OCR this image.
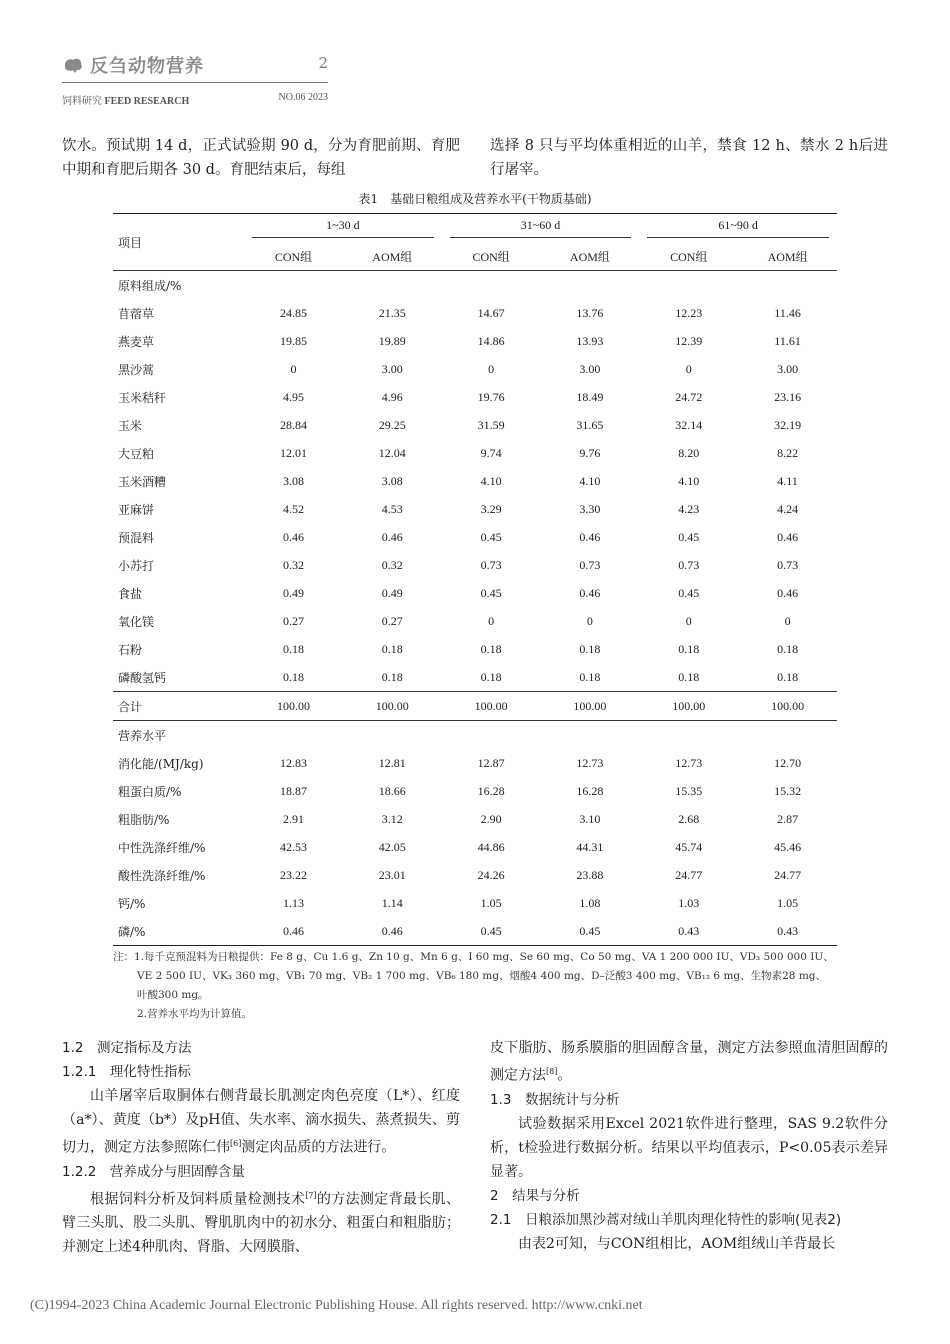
反刍动物营养	2
饲料研究 FEED RESEARCH	NO.06 2023
饮水。预试期 14 d，正式试验期 90 d，分为育肥前期、育肥中期和育肥后期各 30 d。育肥结束后，每组
选择 8 只与平均体重相近的山羊，禁食 12 h、禁水 2 h后进行屠宰。
表1　基础日粮组成及营养水平(干物质基础)
项目	1~30 d		31~60 d		61~90 d	

	CON组	AOM组	CON组	AOM组	CON组	AOM组
原料组成/%						
苜蓿草	24.85	21.35	14.67	13.76	12.23	11.46
燕麦草	19.85	19.89	14.86	13.93	12.39	11.61
黑沙蒿	0	3.00	0	3.00	0	3.00
玉米秸秆	4.95	4.96	19.76	18.49	24.72	23.16
玉米	28.84	29.25	31.59	31.65	32.14	32.19
大豆粕	12.01	12.04	9.74	9.76	8.20	8.22
玉米酒糟	3.08	3.08	4.10	4.10	4.10	4.11
亚麻饼	4.52	4.53	3.29	3.30	4.23	4.24
预混料	0.46	0.46	0.45	0.46	0.45	0.46
小苏打	0.32	0.32	0.73	0.73	0.73	0.73
食盐	0.49	0.49	0.45	0.46	0.45	0.46
氧化镁	0.27	0.27	0	0	0	0
石粉	0.18	0.18	0.18	0.18	0.18	0.18
磷酸氢钙	0.18	0.18	0.18	0.18	0.18	0.18
合计	100.00	100.00	100.00	100.00	100.00	100.00
营养水平						
消化能/(MJ/kg)	12.83	12.81	12.87	12.73	12.73	12.70
粗蛋白质/%	18.87	18.66	16.28	16.28	15.35	15.32
粗脂肪/%	2.91	3.12	2.90	3.10	2.68	2.87
中性洗涤纤维/%	42.53	42.05	44.86	44.31	45.74	45.46
酸性洗涤纤维/%	23.22	23.01	24.26	23.88	24.77	24.77
钙/%	1.13	1.14	1.05	1.08	1.03	1.05
磷/%	0.46	0.46	0.45	0.45	0.43	0.43

注：1.每千克预混料为日粮提供：Fe 8 g、Cu 1.6 g、Zn 10 g、Mn 6 g、I 60 mg、Se 60 mg、Co 50 mg、VA 1 200 000 IU、VD₃ 500 000 IU、

VE 2 500 IU、VK₃ 360 mg、VB₁ 70 mg、VB₂ 1 700 mg、VB₆ 180 mg、烟酸4 400 mg、D–泛酸3 400 mg、VB₁₂ 6 mg、生物素28 mg、

叶酸300 mg。

2.营养水平均为计算值。

1.2　测定指标及方法

1.2.1　理化特性指标

山羊屠宰后取胴体右侧背最长肌测定肉色亮度（L*）、红度（a*）、黄度（b*）及pH值、失水率、滴水损失、蒸煮损失、剪切力，测定方法参照陈仁伟[6]测定肉品质的方法进行。

1.2.2　营养成分与胆固醇含量

根据饲料分析及饲料质量检测技术[7]的方法测定背最长肌、臂三头肌、股二头肌、臀肌肌肉中的初水分、粗蛋白和粗脂肪；并测定上述4种肌肉、肾脂、大网膜脂、

皮下脂肪、肠系膜脂的胆固醇含量，测定方法参照血清胆固醇的测定方法[8]。

1.3　数据统计与分析

试验数据采用Excel 2021软件进行整理，SAS 9.2软件分析，t检验进行数据分析。结果以平均值表示，P<0.05表示差异显著。

2　结果与分析

2.1　日粮添加黑沙蒿对绒山羊肌肉理化特性的影响(见表2)

由表2可知，与CON组相比，AOM组绒山羊背最长

(C)1994-2023 China Academic Journal Electronic Publishing House. All rights reserved. http://www.cnki.net
